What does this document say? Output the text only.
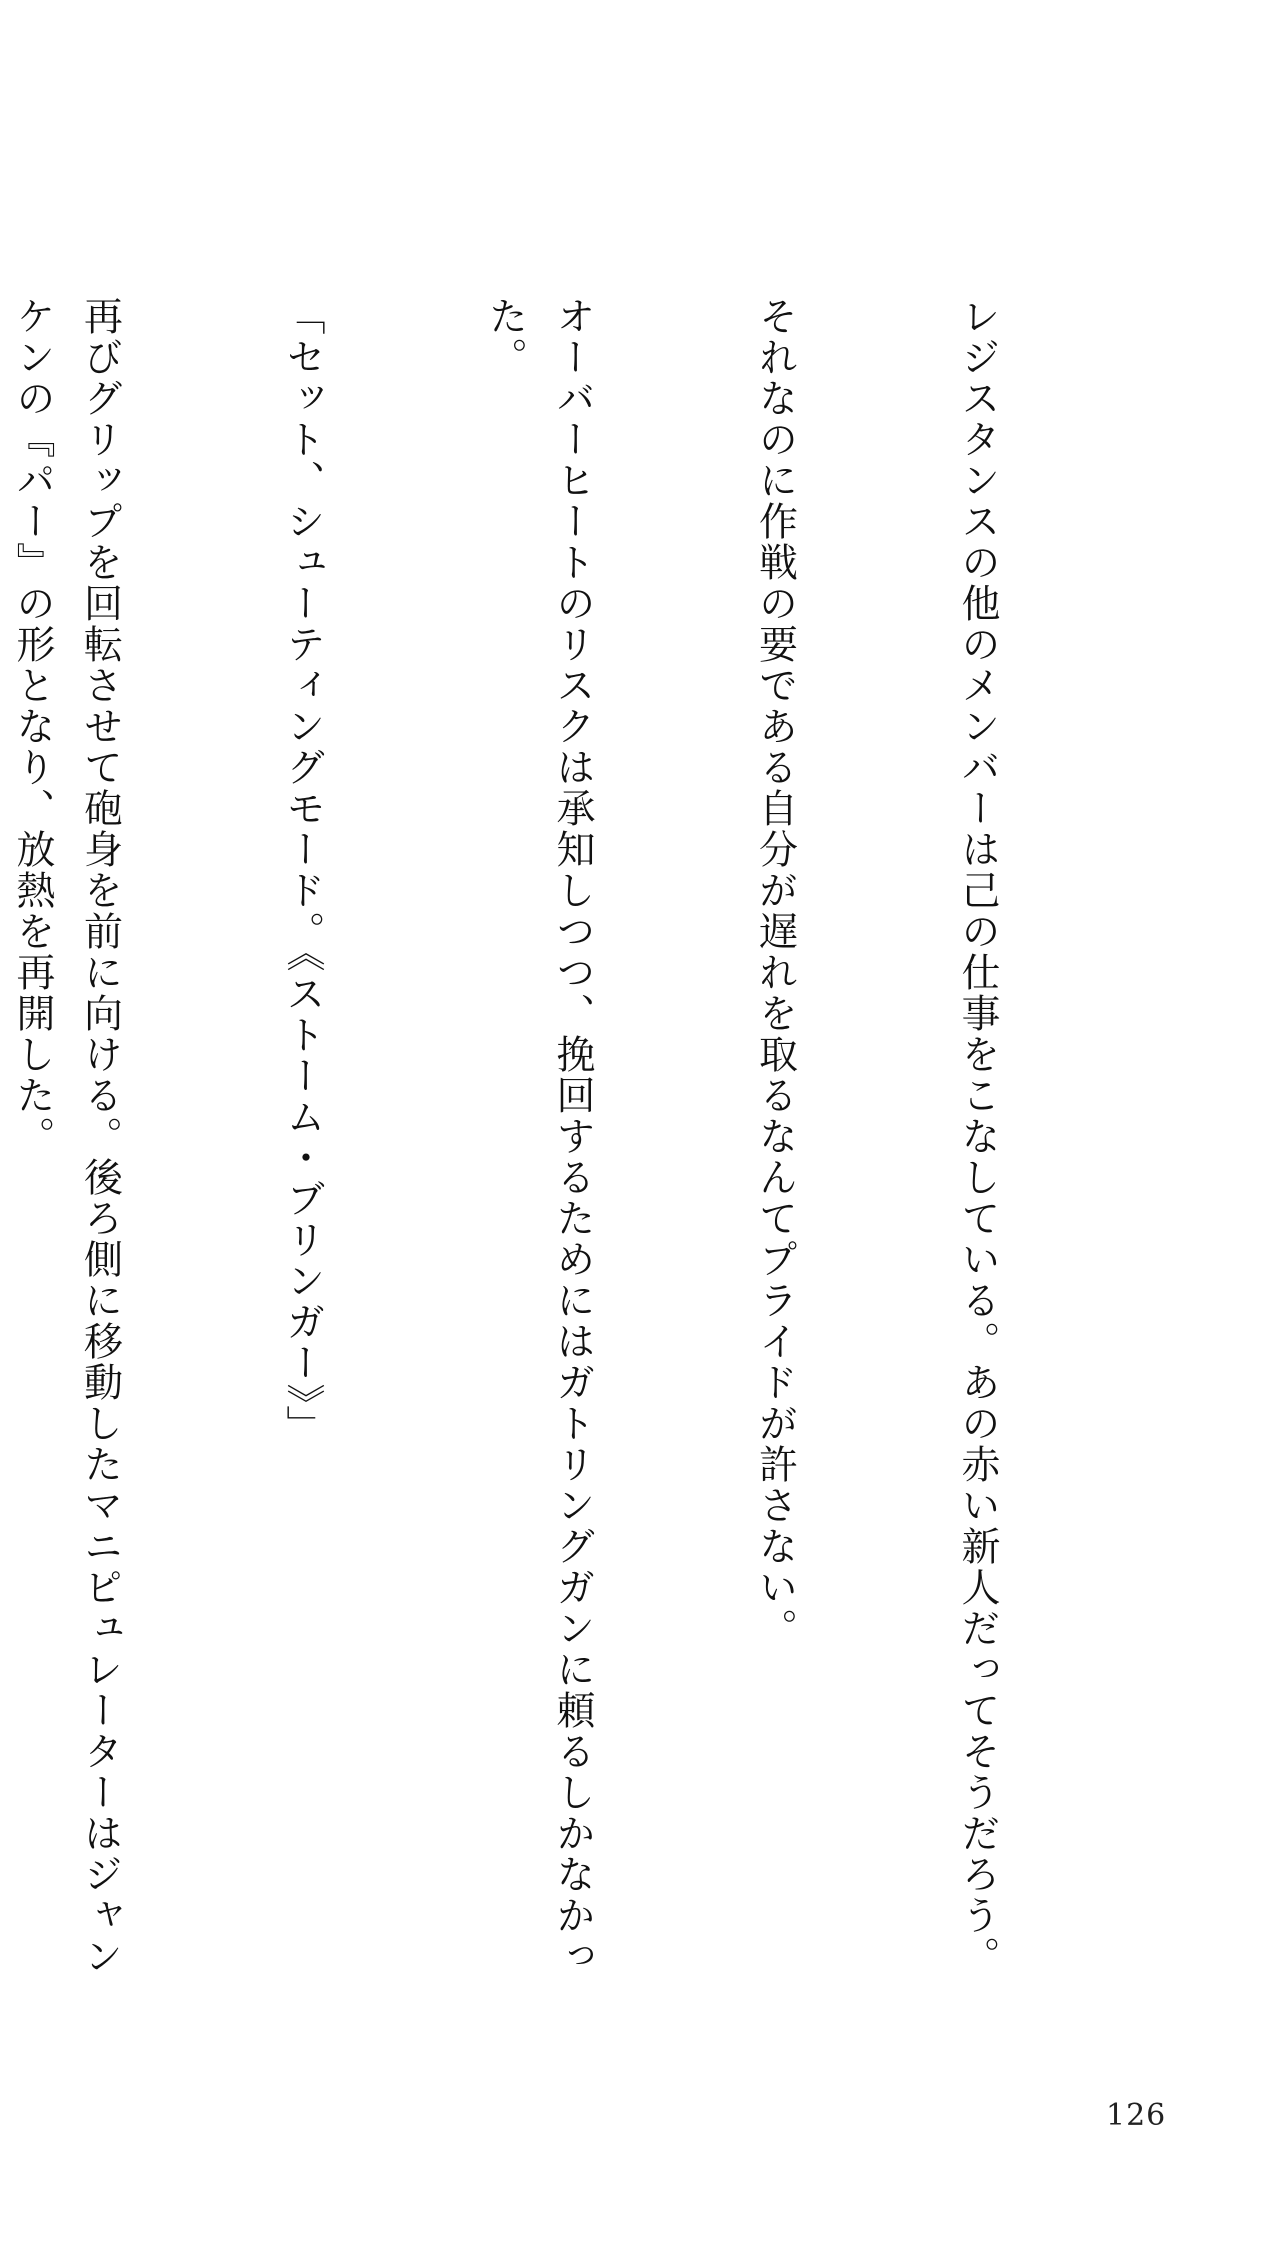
レジスタンスの他のメンバーは己の仕事をこなしている。あの赤い新人だってそうだろう。

それなのに作戦の要である自分が遅れを取るなんてプライドが許さない。

オーバーヒートのリスクは承知しつつ、挽回するためにはガトリングガンに頼るしかなかった。

「セット、シューティングモード。《ストーム・ブリンガー》」

再びグリップを回転させて砲身を前に向ける。後ろ側に移動したマニピュレーターはジャンケンの『パー』の形となり、放熱を再開した。

126
